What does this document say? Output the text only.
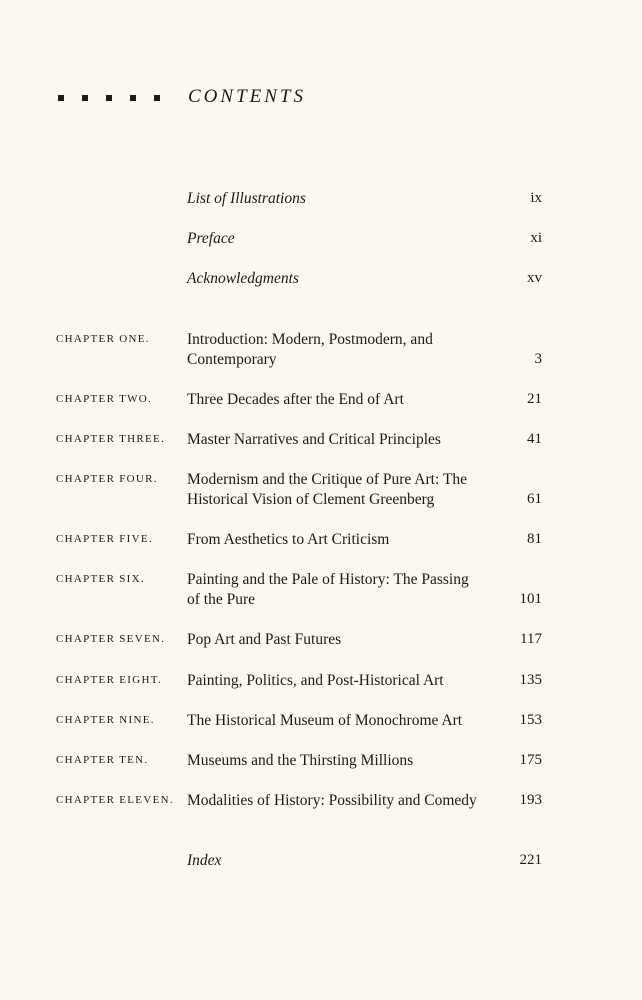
CONTENTS
List of Illustrations	ix
Preface	xi
Acknowledgments	xv
CHAPTER ONE. Introduction: Modern, Postmodern, and
Contemporary	3
CHAPTER TWO. Three Decades after the End of Art	21
CHAPTER THREE. Master Narratives and Critical Principles	41
CHAPTER FOUR. Modernism and the Critique of Pure Art: The
Historical Vision of Clement Greenberg	61
CHAPTER FIVE. From Aesthetics to Art Criticism	81
CHAPTER SIX.	Painting and the Pale of History: The Passing
of the Pure	101
CHAPTER SEVEN. Pop Art and Past Futures	117
CHAPTER EIGHT. Painting, Politics, and Post-Historical Art	135
CHAPTER NINE. The Historical Museum of Monochrome Art	153
CHAPTER TEN. Museums and the Thirsting Millions	175
CHAPTER ELEVEN. Modalities of History: Possibility and Comedy	193
Index	221
